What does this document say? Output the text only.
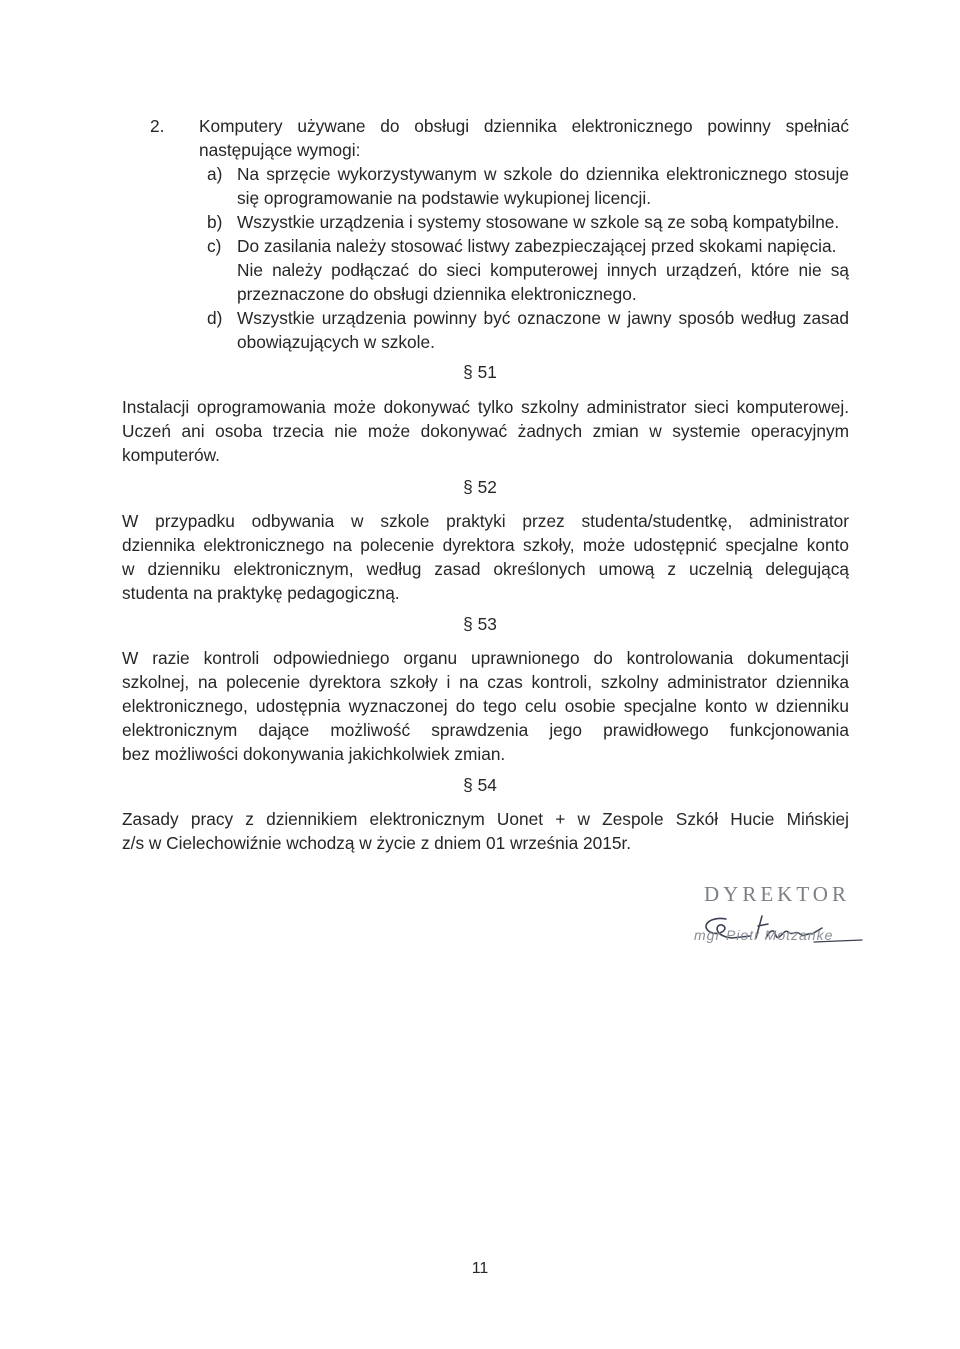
2. Komputery używane do obsługi dziennika elektronicznego powinny spełniać
następujące wymogi:
a) Na sprzęcie wykorzystywanym w szkole do dziennika elektronicznego stosuje
się oprogramowanie na podstawie wykupionej licencji.
b) Wszystkie urządzenia i systemy stosowane w szkole są ze sobą kompatybilne.
c) Do zasilania należy stosować listwy zabezpieczającej przed skokami napięcia.
Nie należy podłączać do sieci komputerowej innych urządzeń, które nie są
przeznaczone do obsługi dziennika elektronicznego.
d) Wszystkie urządzenia powinny być oznaczone w jawny sposób według zasad
obowiązujących w szkole.
§ 51
Instalacji oprogramowania może dokonywać tylko szkolny administrator sieci komputerowej.
Uczeń ani osoba trzecia nie może dokonywać żadnych zmian w systemie operacyjnym
komputerów.
§ 52
W przypadku odbywania w szkole praktyki przez studenta/studentkę, administrator
dziennika elektronicznego na polecenie dyrektora szkoły, może udostępnić specjalne konto
w dzienniku elektronicznym, według zasad określonych umową z uczelnią delegującą
studenta na praktykę pedagogiczną.
§ 53
W razie kontroli odpowiedniego organu uprawnionego do kontrolowania dokumentacji
szkolnej, na polecenie dyrektora szkoły i na czas kontroli, szkolny administrator dziennika
elektronicznego, udostępnia wyznaczonej do tego celu osobie specjalne konto w dzienniku
elektronicznym dające możliwość sprawdzenia jego prawidłowego funkcjonowania
bez możliwości dokonywania jakichkolwiek zmian.
§ 54
Zasady pracy z dziennikiem elektronicznym Uonet + w Zespole Szkół Hucie Mińskiej
z/s w Cielechowiźnie wchodzą w życie z dniem 01 września 2015r.
DYREKTOR
mgr Piotr Motzanke
11
